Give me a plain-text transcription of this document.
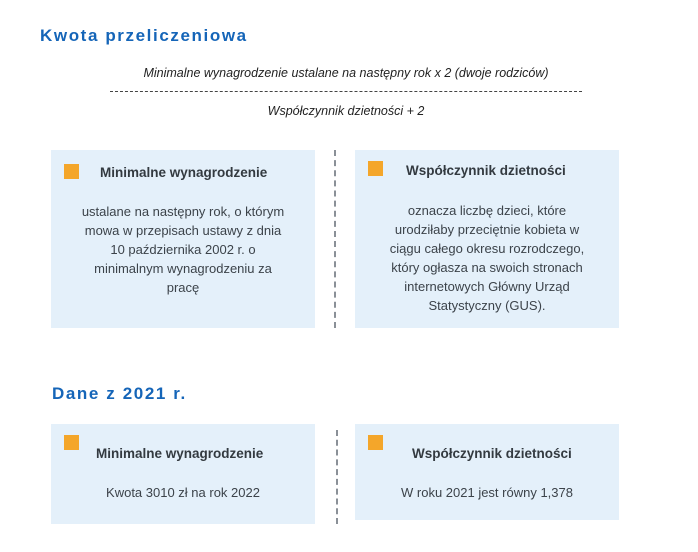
Kwota przeliczeniowa
Minimalne wynagrodzenie ustalane na następny rok x 2 (dwoje rodziców)
Współczynnik dzietności + 2
Minimalne wynagrodzenie
ustalane na następny rok, o którym
mowa w przepisach ustawy z dnia
10 października 2002 r. o
minimalnym wynagrodzeniu za
pracę
Współczynnik dzietności
oznacza liczbę dzieci, które
urodziłaby przeciętnie kobieta w
ciągu całego okresu rozrodczego,
który ogłasza na swoich stronach
internetowych Główny Urząd
Statystyczny (GUS).
Dane z 2021 r.
Minimalne wynagrodzenie
Kwota 3010 zł na rok 2022
Współczynnik dzietności
W roku 2021 jest równy 1,378
